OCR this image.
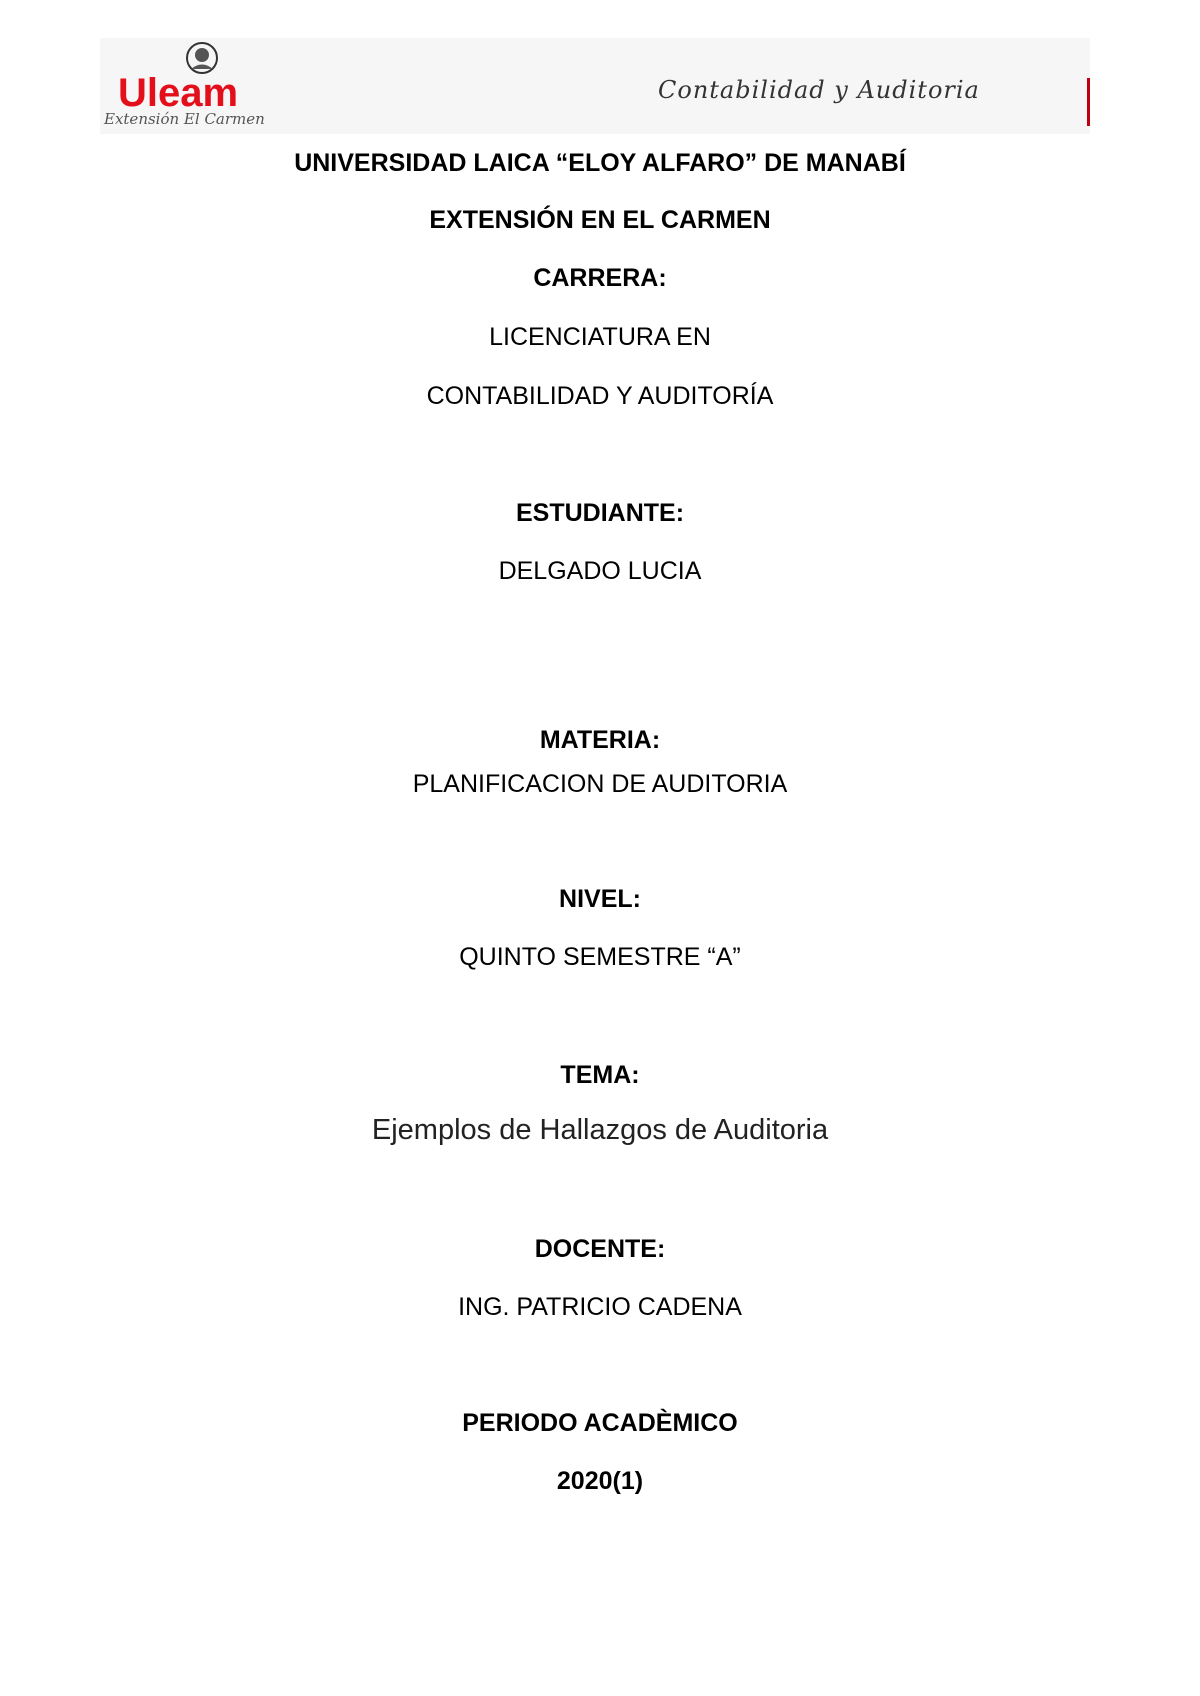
Uleam
Extensión El Carmen
Contabilidad y Auditoria
UNIVERSIDAD LAICA “ELOY ALFARO” DE MANABÍ
EXTENSIÓN EN EL CARMEN
CARRERA:
LICENCIATURA EN
CONTABILIDAD Y AUDITORÍA
ESTUDIANTE:
DELGADO LUCIA
MATERIA:
PLANIFICACION DE AUDITORIA
NIVEL:
QUINTO SEMESTRE “A”
TEMA:
Ejemplos de Hallazgos de Auditoria
DOCENTE:
ING. PATRICIO CADENA
PERIODO ACADÈMICO
2020(1)
